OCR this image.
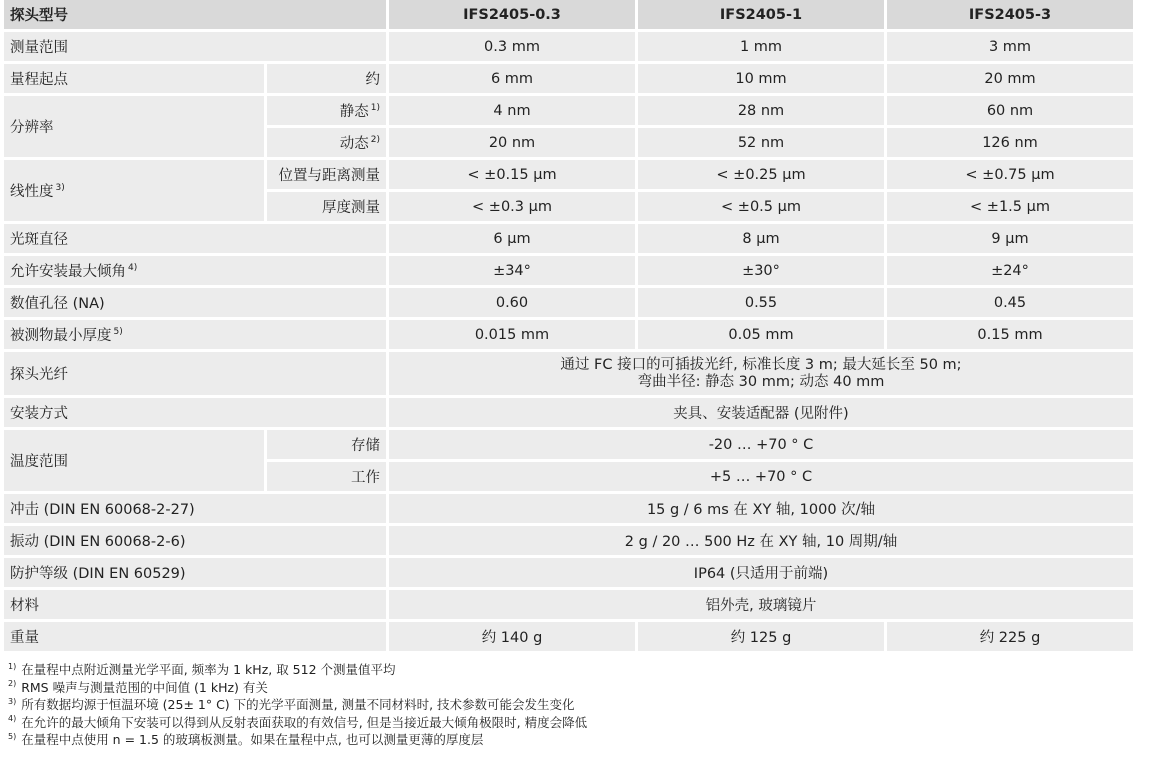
探头型号		IFS2405-0.3	IFS2405-1	IFS2405-3
测量范围		0.3 mm	1 mm	3 mm
量程起点	约	6 mm	10 mm	20 mm
分辨率	静态 $^{1)}$	4 nm	28 nm	60 nm
	动态 $^{2)}$	20 nm	52 nm	126 nm
线性度 $^{3)}$	位置与距离测量	< ±0.15 µm	< ±0.25 µm	< ±0.75 µm
	厚度测量	< ±0.3 µm	< ±0.5 µm	< ±1.5 µm
光斑直径		6 µm	8 µm	9 µm
允许安装最大倾角 $^{4)}$		±34°	±30°	±24°
数值孔径 (NA)		0.60	0.55	0.45
被测物最小厚度 $^{5)}$		0.015 mm	0.05 mm	0.15 mm
探头光纤		通过 FC 接口的可插拔光纤, 标准长度 3 m; 最大延长至 50 m;
弯曲半径: 静态 30 mm; 动态 40 mm		

安装方式		夹具、安装适配器 (见附件)		
温度范围	存储	-20 … +70 ° C		
	工作	+5 … +70 ° C		
冲击 (DIN EN 60068-2-27)		15 g / 6 ms 在 XY 轴, 1000 次/轴		
振动 (DIN EN 60068-2-6)		2 g / 20 … 500 Hz 在 XY 轴, 10 周期/轴		
防护等级 (DIN EN 60529)		IP64 (只适用于前端)		
材料		铝外壳, 玻璃镜片		
重量		约 140 g	约 125 g	约 225 g
$^{1)}$ 在量程中点附近测量光学平面, 频率为 1 kHz, 取 512 个测量值平均
$^{2)}$ RMS 噪声与测量范围的中间值 (1 kHz) 有关
$^{3)}$ 所有数据均源于恒温环境 (25± 1° C) 下的光学平面测量, 测量不同材料时, 技术参数可能会发生变化
$^{4)}$ 在允许的最大倾角下安装可以得到从反射表面获取的有效信号, 但是当接近最大倾角极限时, 精度会降低
$^{5)}$ 在量程中点使用 n = 1.5 的玻璃板测量。如果在量程中点, 也可以测量更薄的厚度层
